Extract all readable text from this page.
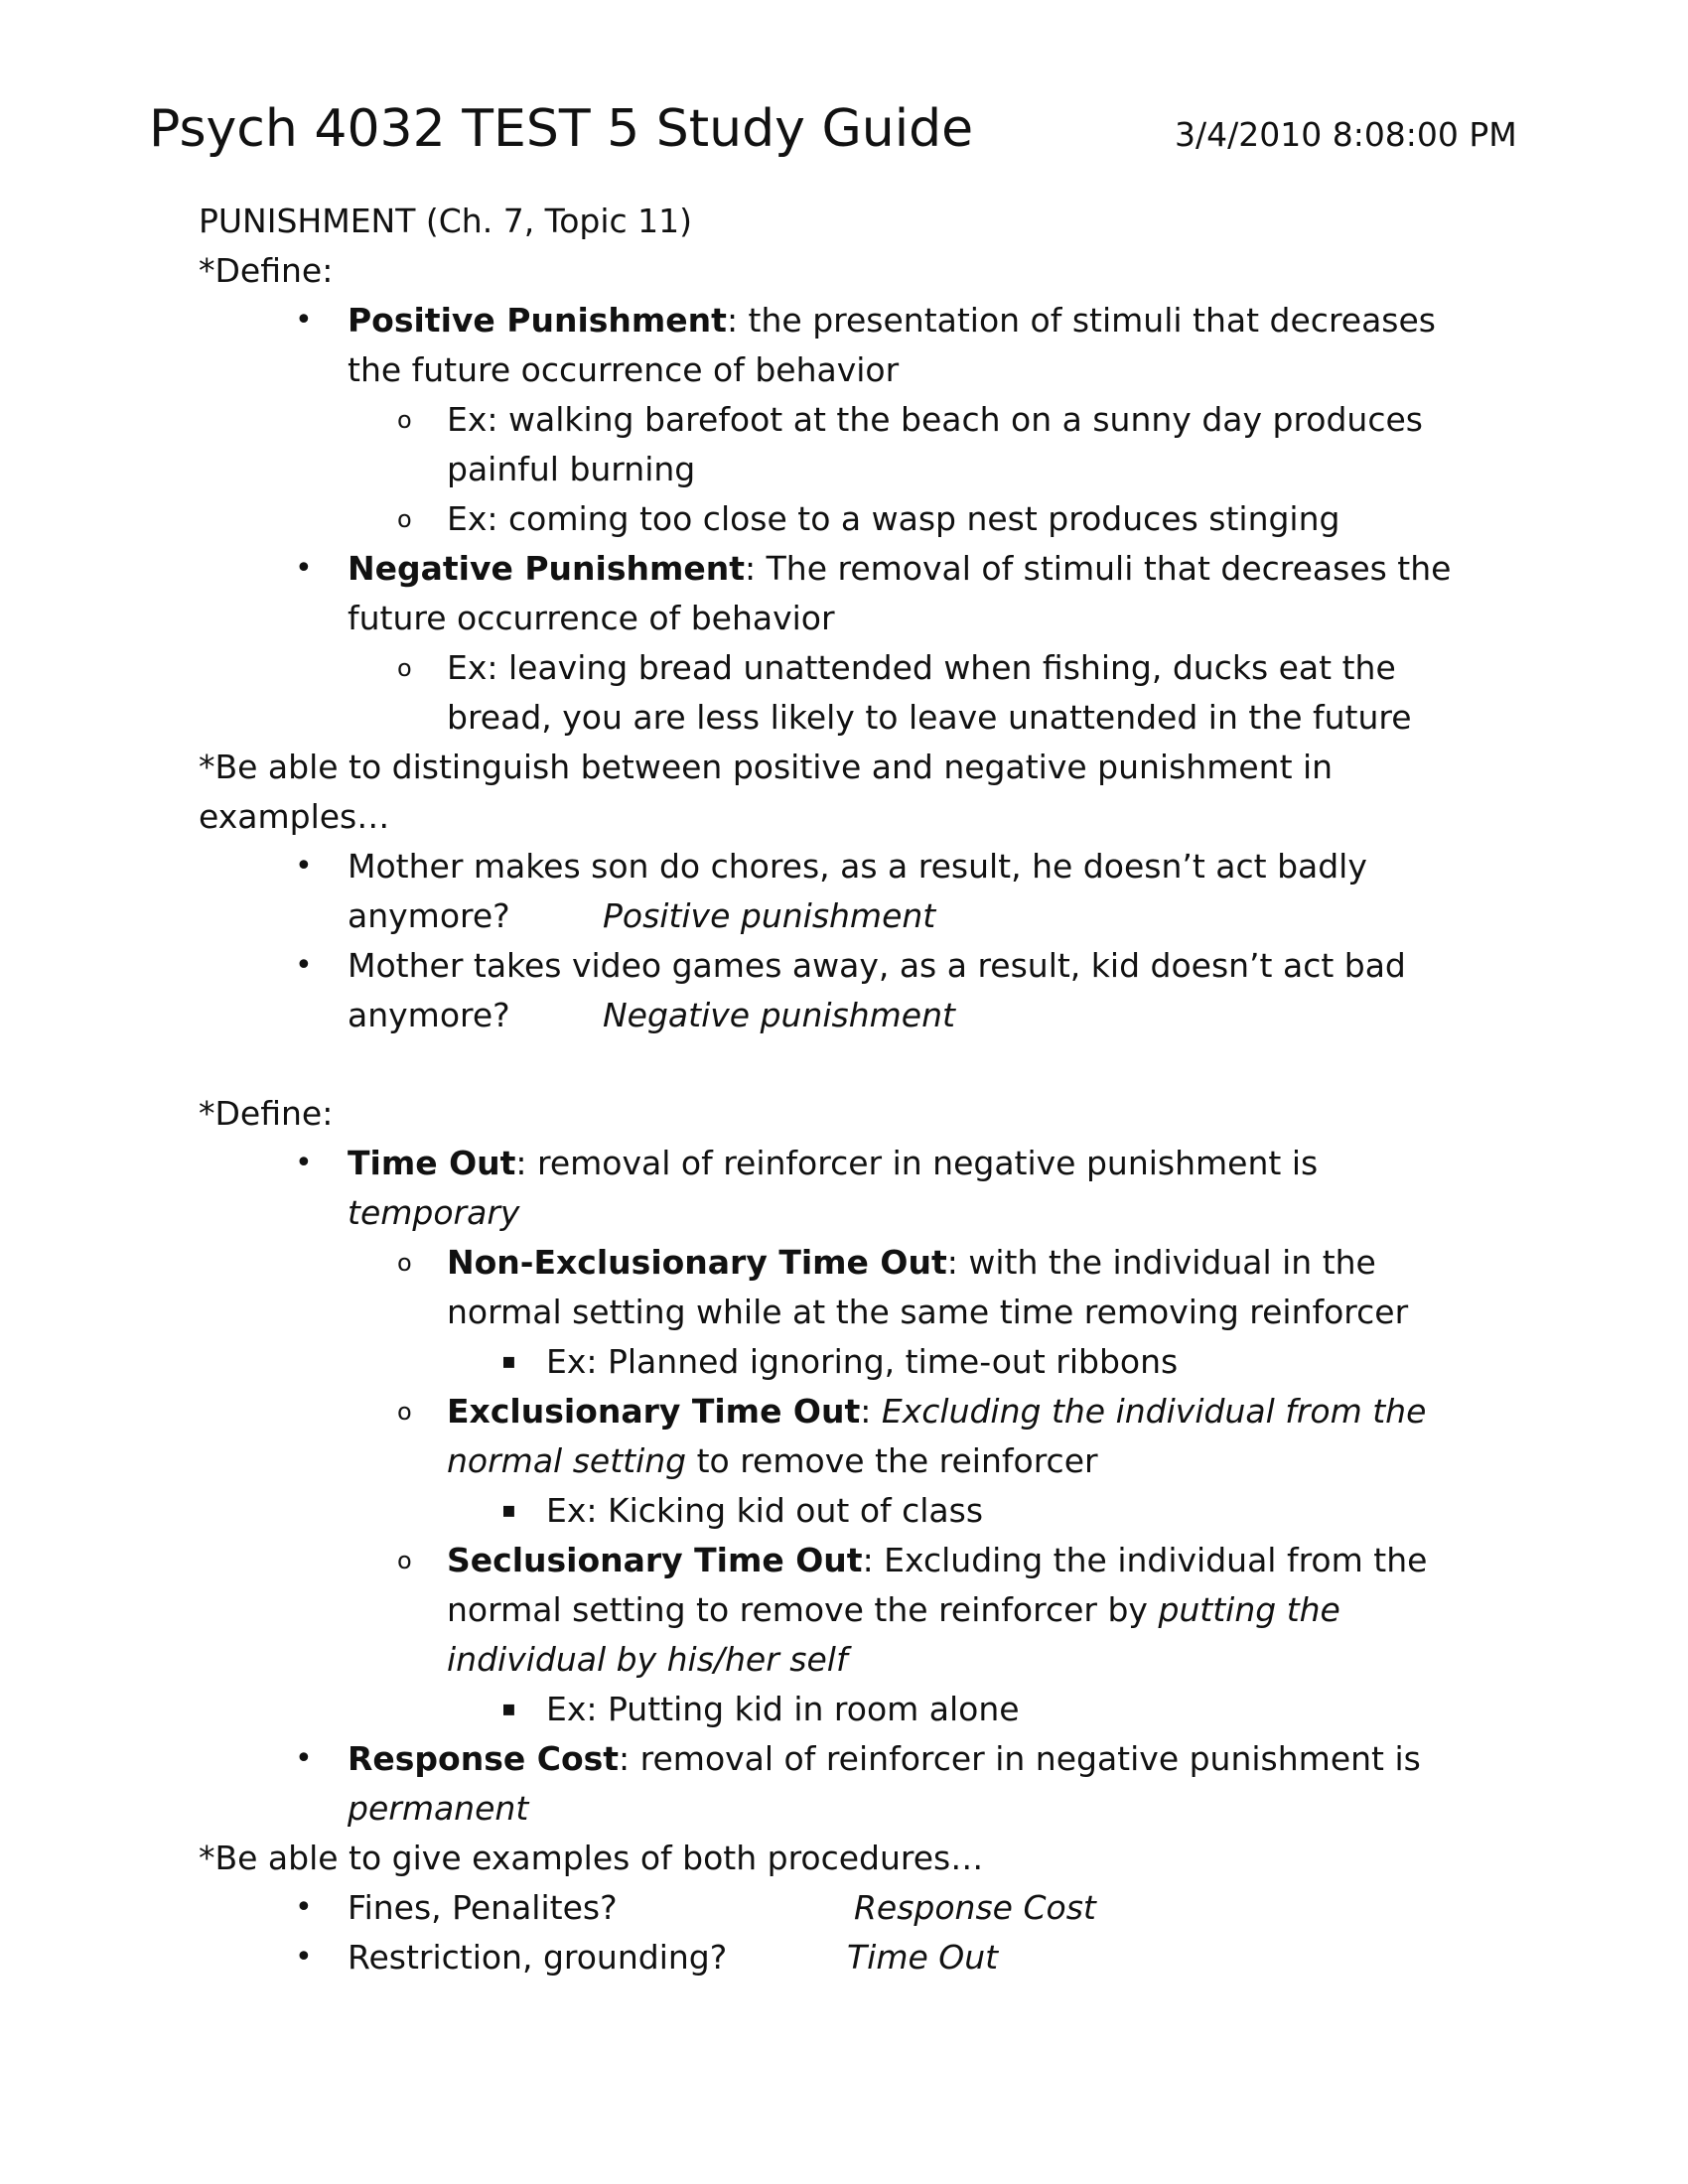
Psych 4032 TEST 5 Study Guide	3/4/2010 8:08:00 PM
PUNISHMENT (Ch. 7, Topic 11)
*Define:
• Positive Punishment: the presentation of stimuli that decreases
the future occurrence of behavior
o Ex: walking barefoot at the beach on a sunny day produces
painful burning
o Ex: coming too close to a wasp nest produces stinging
• Negative Punishment: The removal of stimuli that decreases the
future occurrence of behavior
o Ex: leaving bread unattended when fishing, ducks eat the
bread, you are less likely to leave unattended in the future
*Be able to distinguish between positive and negative punishment in
examples…
• Mother makes son do chores, as a result, he doesn’t act badly
anymore?	Positive punishment
• Mother takes video games away, as a result, kid doesn’t act bad
anymore?	Negative punishment
*Define:
• Time Out: removal of reinforcer in negative punishment is
temporary
o Non-Exclusionary Time Out: with the individual in the
normal setting while at the same time removing reinforcer
▪ Ex: Planned ignoring, time-out ribbons
o Exclusionary Time Out: Excluding the individual from the
normal setting to remove the reinforcer
▪ Ex: Kicking kid out of class
o Seclusionary Time Out: Excluding the individual from the
normal setting to remove the reinforcer by putting the
individual by his/her self
▪ Ex: Putting kid in room alone
• Response Cost: removal of reinforcer in negative punishment is
permanent
*Be able to give examples of both procedures…
• Fines, Penalites?	Response Cost
• Restriction, grounding?	Time Out
